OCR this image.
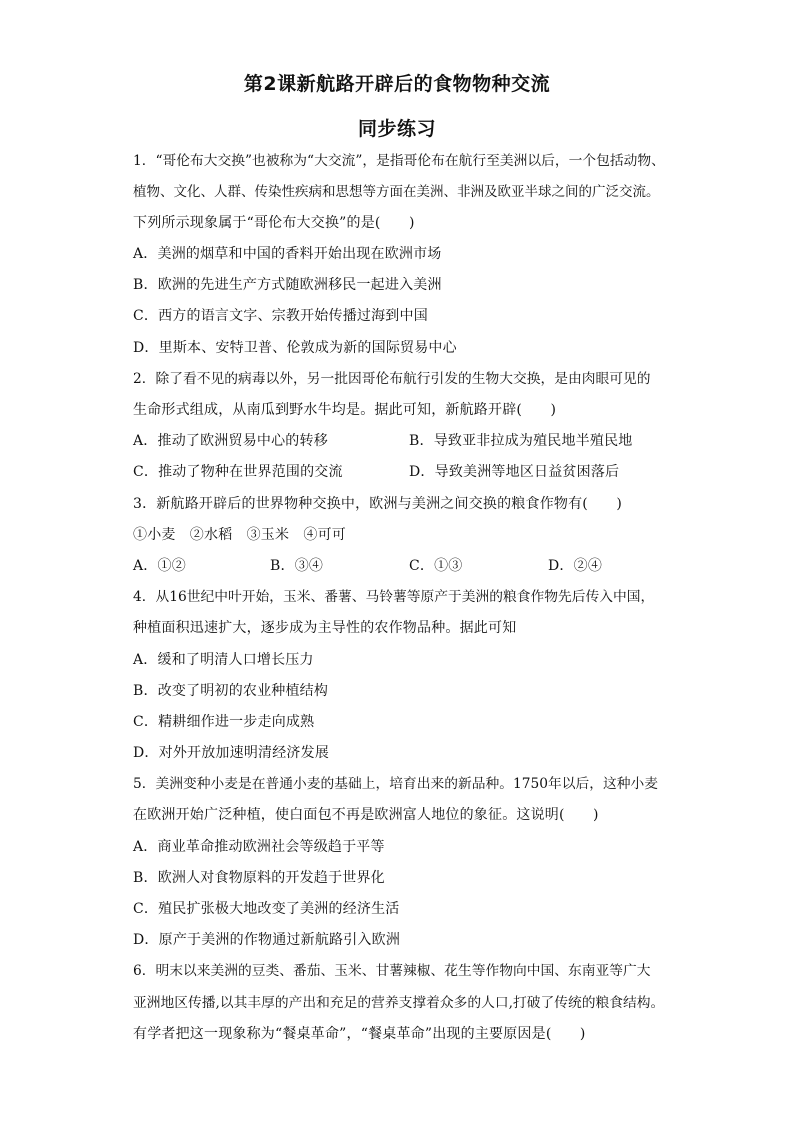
第2课新航路开辟后的食物物种交流
同步练习
1．“哥伦布大交换”也被称为“大交流”，是指哥伦布在航行至美洲以后，一个包括动物、
植物、文化、人群、传染性疾病和思想等方面在美洲、非洲及欧亚半球之间的广泛交流。
下列所示现象属于“哥伦布大交换”的是(　　)
A．美洲的烟草和中国的香料开始出现在欧洲市场
B．欧洲的先进生产方式随欧洲移民一起进入美洲
C．西方的语言文字、宗教开始传播过海到中国
D．里斯本、安特卫普、伦敦成为新的国际贸易中心
2．除了看不见的病毒以外，另一批因哥伦布航行引发的生物大交换，是由肉眼可见的
生命形式组成，从南瓜到野水牛均是。据此可知，新航路开辟(　　)
A．推动了欧洲贸易中心的转移	B．导致亚非拉成为殖民地半殖民地
C．推动了物种在世界范围的交流	D．导致美洲等地区日益贫困落后
3．新航路开辟后的世界物种交换中，欧洲与美洲之间交换的粮食作物有(　　)
①小麦　②水稻　③玉米　④可可
A．①②	B．③④	C．①③	D．②④
4．从16世纪中叶开始，玉米、番薯、马铃薯等原产于美洲的粮食作物先后传入中国，
种植面积迅速扩大，逐步成为主导性的农作物品种。据此可知
A．缓和了明清人口增长压力
B．改变了明初的农业种植结构
C．精耕细作进一步走向成熟
D．对外开放加速明清经济发展
5．美洲变种小麦是在普通小麦的基础上，培育出来的新品种。1750年以后，这种小麦
在欧洲开始广泛种植，使白面包不再是欧洲富人地位的象征。这说明(　　)
A．商业革命推动欧洲社会等级趋于平等
B．欧洲人对食物原料的开发趋于世界化
C．殖民扩张极大地改变了美洲的经济生活
D．原产于美洲的作物通过新航路引入欧洲
6．明末以来美洲的豆类、番茄、玉米、甘薯辣椒、花生等作物向中国、东南亚等广大
亚洲地区传播,以其丰厚的产出和充足的营养支撑着众多的人口,打破了传统的粮食结构。
有学者把这一现象称为“餐桌革命”，“餐桌革命”出现的主要原因是(　　)
